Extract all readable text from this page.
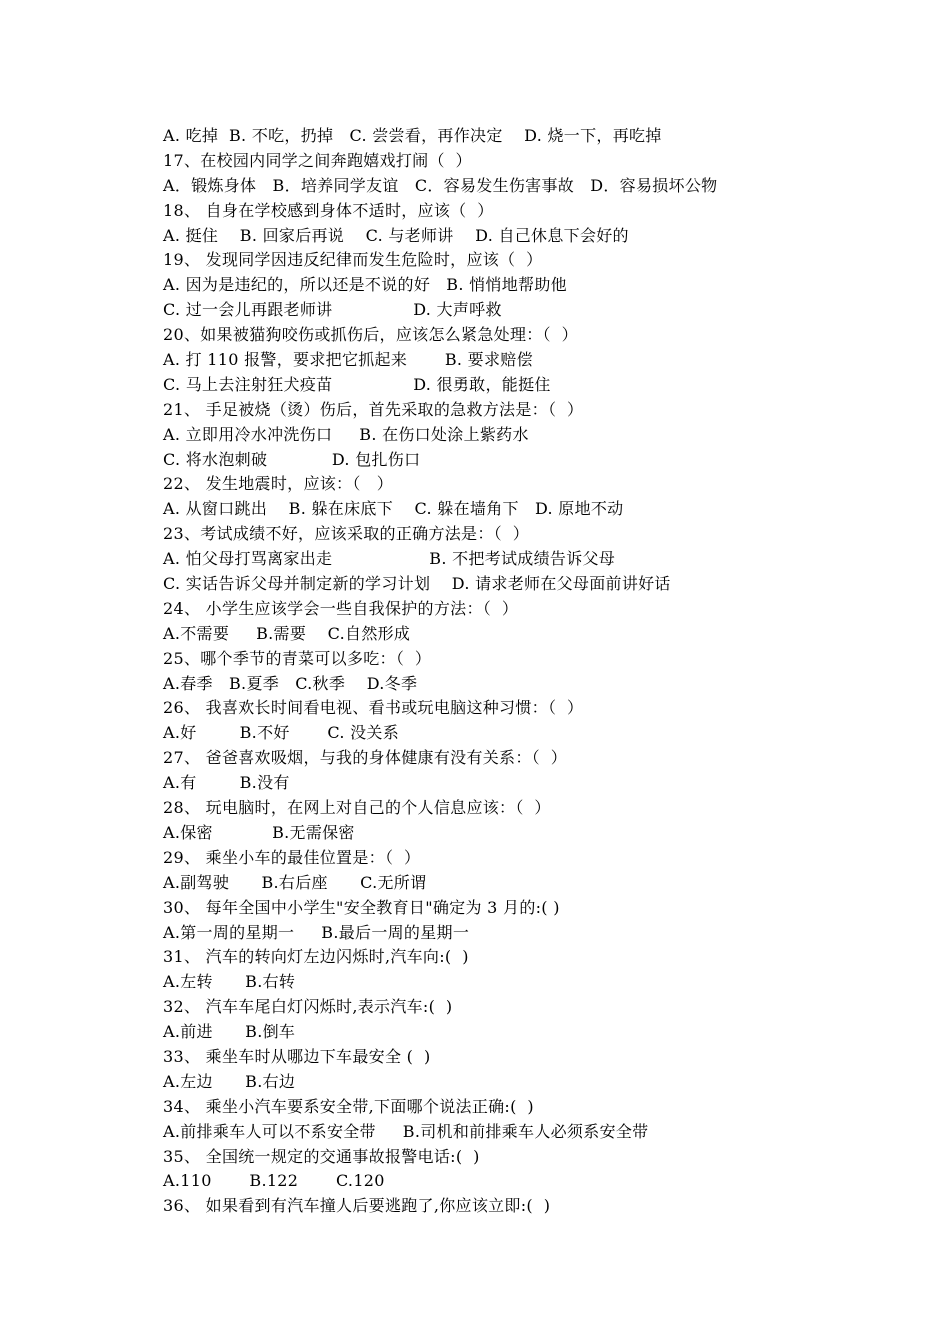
A. 吃掉  B. 不吃，扔掉   C. 尝尝看，再作决定    D. 烧一下，再吃掉
17、在校园内同学之间奔跑嬉戏打闹（  ）
A．锻炼身体   B．培养同学友谊   C．容易发生伤害事故   D．容易损坏公物
18、 自身在学校感到身体不适时，应该（  ）
A. 挺住    B. 回家后再说    C. 与老师讲    D. 自己休息下会好的
19、 发现同学因违反纪律而发生危险时，应该（  ）
A. 因为是违纪的，所以还是不说的好   B. 悄悄地帮助他
C. 过一会儿再跟老师讲               D. 大声呼救
20、如果被猫狗咬伤或抓伤后，应该怎么紧急处理：（  ）
A. 打 110 报警，要求把它抓起来       B. 要求赔偿
C. 马上去注射狂犬疫苗               D. 很勇敢，能挺住
21、 手足被烧（烫）伤后，首先采取的急救方法是：（  ）
A. 立即用冷水冲洗伤口     B. 在伤口处涂上紫药水
C. 将水泡刺破            D. 包扎伤口
22、 发生地震时，应该：（   ）
A. 从窗口跳出    B. 躲在床底下    C. 躲在墙角下   D. 原地不动
23、考试成绩不好，应该采取的正确方法是：（  ）
A. 怕父母打骂离家出走                  B. 不把考试成绩告诉父母
C. 实话告诉父母并制定新的学习计划    D. 请求老师在父母面前讲好话
24、 小学生应该学会一些自我保护的方法：（  ）
A.不需要     B.需要    C.自然形成
25、哪个季节的青菜可以多吃：（  ）
A.春季   B.夏季   C.秋季    D.冬季
26、 我喜欢长时间看电视、看书或玩电脑这种习惯：（  ）
A.好        B.不好       C. 没关系
27、 爸爸喜欢吸烟，与我的身体健康有没有关系：（  ）
A.有        B.没有
28、 玩电脑时，在网上对自己的个人信息应该：（  ）
A.保密           B.无需保密
29、 乘坐小车的最佳位置是：（  ）
A.副驾驶      B.右后座      C.无所谓
30、 每年全国中小学生"安全教育日"确定为 3 月的:( )
A.第一周的星期一     B.最后一周的星期一
31、 汽车的转向灯左边闪烁时,汽车向:(  )
A.左转      B.右转
32、 汽车车尾白灯闪烁时,表示汽车:(  )
A.前进      B.倒车
33、 乘坐车时从哪边下车最安全 (  )
A.左边      B.右边
34、 乘坐小汽车要系安全带,下面哪个说法正确:(  )
A.前排乘车人可以不系安全带     B.司机和前排乘车人必须系安全带
35、 全国统一规定的交通事故报警电话:(  )
A.110       B.122       C.120
36、 如果看到有汽车撞人后要逃跑了,你应该立即:(  )
